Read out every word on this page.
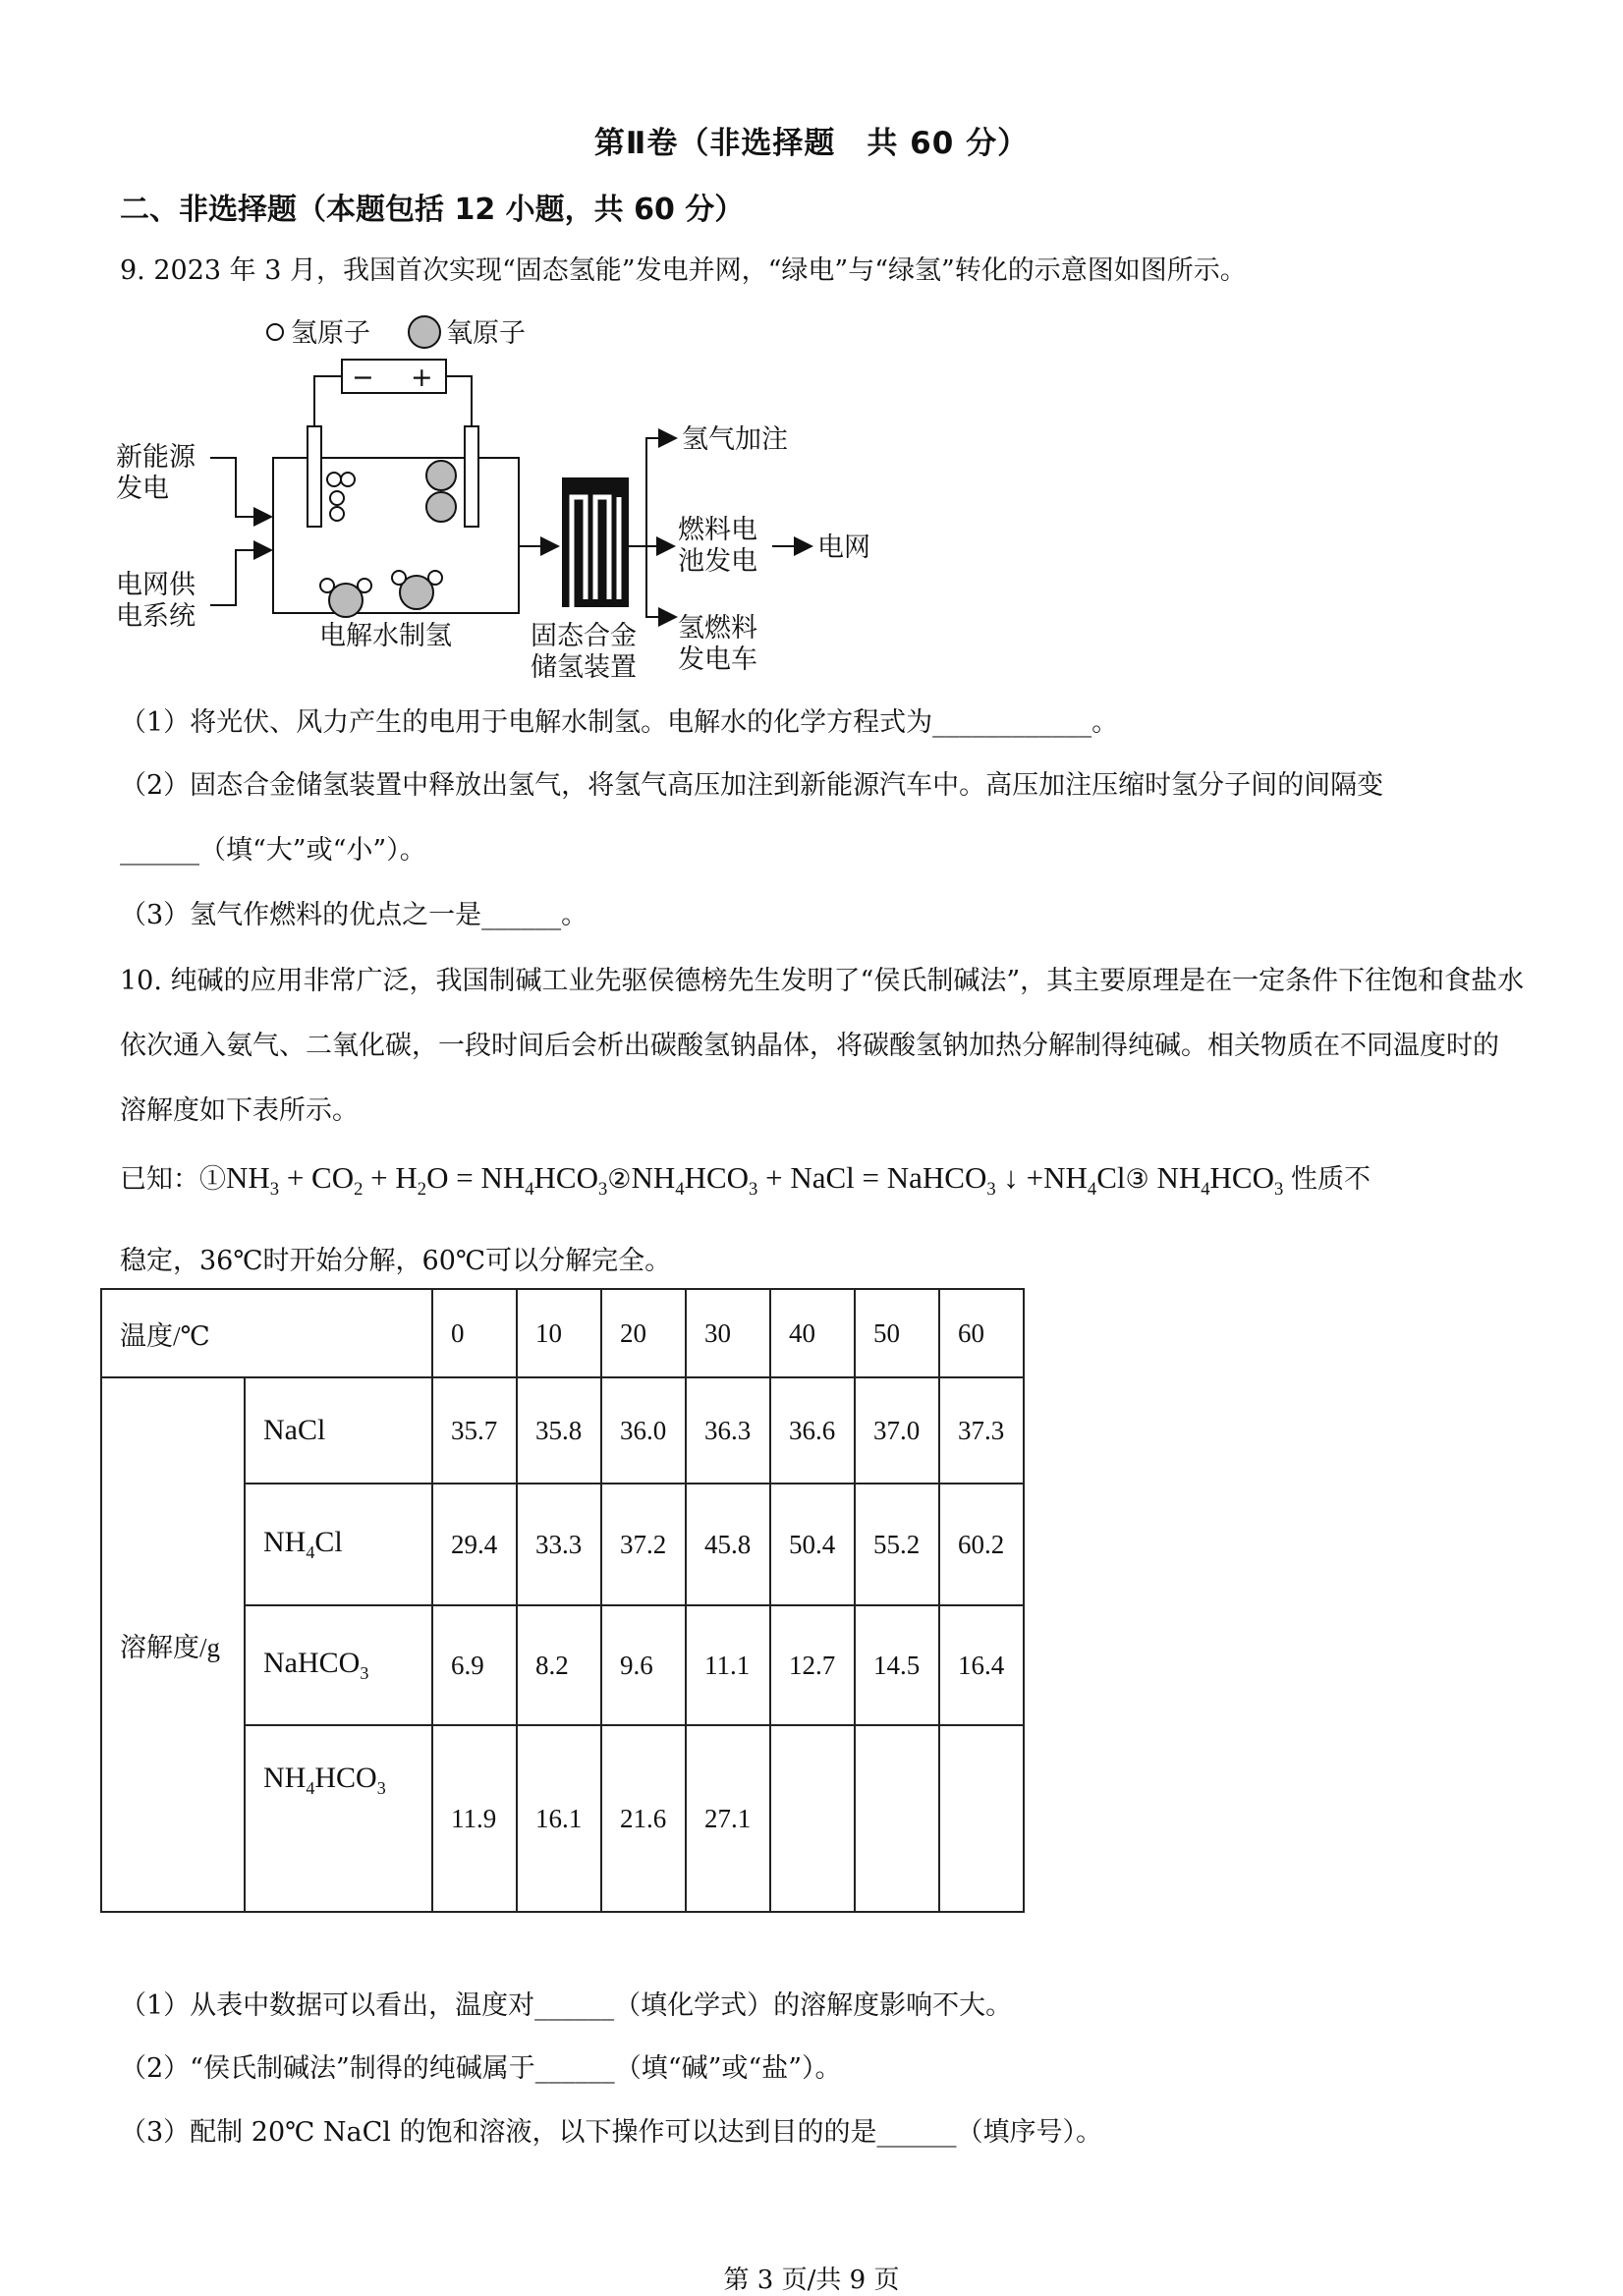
第Ⅱ卷（非选择题　共 60 分）
二、非选择题（本题包括 12 小题，共 60 分）
9. 2023 年 3 月，我国首次实现“固态氢能”发电并网，“绿电”与“绿氢”转化的示意图如图所示。
氢原子	氧原子
− +
电解水制氢
新能源
发电
电网供
电系统
固态合金
储氢装置
氢气加注
燃料电
池发电 电网
氢燃料
发电车
（1）将光伏、风力产生的电用于电解水制氢。电解水的化学方程式为____________。
（2）固态合金储氢装置中释放出氢气，将氢气高压加注到新能源汽车中。高压加注压缩时氢分子间的间隔变
______（填“大”或“小”）。
（3）氢气作燃料的优点之一是______。
10. 纯碱的应用非常广泛，我国制碱工业先驱侯德榜先生发明了“侯氏制碱法”，其主要原理是在一定条件下往饱和食盐水依次通入氨气、二氧化碳，一段时间后会析出碳酸氢钠晶体，将碳酸氢钠加热分解制得纯碱。相关物质在不同温度时的溶解度如下表所示。
已知：$①NH_3 + CO_2 + H_2O$ = $NH_4HCO_3②NH_4HCO_3$ + NaCl = NaHCO$_3$ ↓ $+NH_4Cl③$ $NH_4HCO_3$ 性质不
稳定，36℃时开始分解，60℃可以分解完全。
温度/℃		0	10	20	30	40	50	60
溶解度/g	NaCl	35.7	35.8	36.0	36.3	36.6	37.0	37.3
	$NH_4Cl$	29.4	33.3	37.2	45.8	50.4	55.2	60.2
	NaHCO$_3$	6.9	8.2	9.6	11.1	12.7	14.5	16.4
	$NH_4HCO_3$	11.9	16.1	21.6	27.1			
（1）从表中数据可以看出，温度对______（填化学式）的溶解度影响不大。
（2）“侯氏制碱法”制得的纯碱属于______（填“碱”或“盐”）。
（3）配制 20℃ NaCl 的饱和溶液，以下操作可以达到目的的是______（填序号）。
第 3 页/共 9 页
